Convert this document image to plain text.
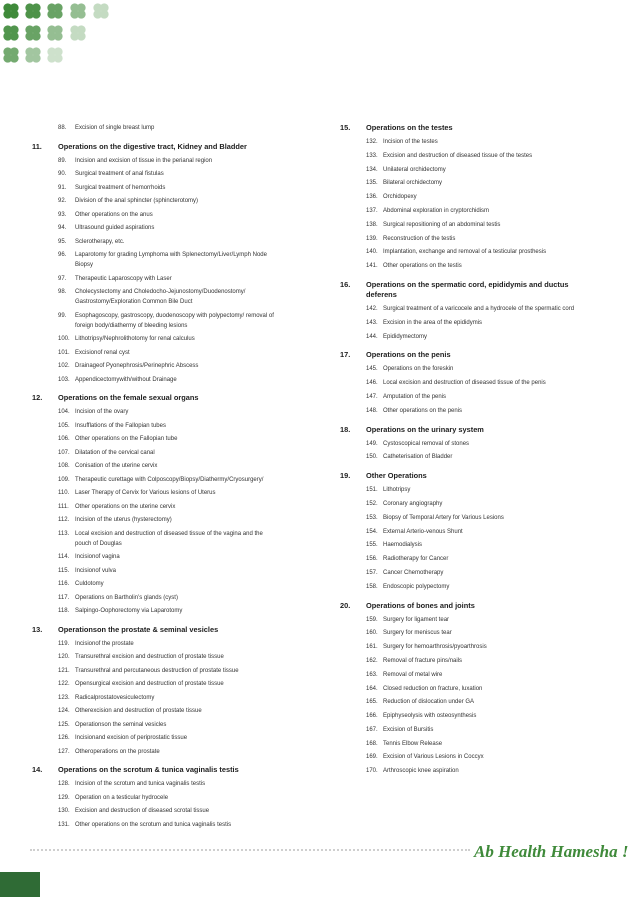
88.	Excision of single breast lump
11.	Operations on the digestive tract, Kidney and Bladder
89.	Incision and excision of tissue in the perianal region
90.	Surgical treatment of anal fistulas
91.	Surgical treatment of hemorrhoids
92.	Division of the anal sphincter (sphincterotomy)
93.	Other operations on the anus
94.	Ultrasound guided aspirations
95.	Sclerotherapy, etc.
96.	Laparotomy for grading Lymphoma with Splenectomy/Liver/Lymph Node
Biopsy
97.	Therapeutic Laparoscopy with Laser
98.	Cholecystectomy and Choledocho-Jejunostomy/Duodenostomy/
Gastrostomy/Exploration Common Bile Duct
99.	Esophagoscopy, gastroscopy, duodenoscopy with polypectomy/ removal of
foreign body/diathermy of bleeding lesions
100. Lithotripsy/Nephrolithotomy for renal calculus
101. Excisionof renal cyst
102. Drainageof Pyonephrosis/Perinephric Abscess
103. Appendicectomywith/without Drainage
12.	Operations on the female sexual organs
104. Incision of the ovary
105. Insufflations of the Fallopian tubes
106. Other operations on the Fallopian tube
107. Dilatation of the cervical canal
108. Conisation of the uterine cervix
109. Therapeutic curettage with Colposcopy/Biopsy/Diathermy/Cryosurgery/
110. Laser Therapy of Cervix for Various lesions of Uterus
111.	Other operations on the uterine cervix
112. Incision of the uterus (hysterectomy)
113. Local excision and destruction of diseased tissue of the vagina and the
pouch of Douglas
114. Incisionof vagina
115. Incisionof vulva
116. Culdotomy
117. Operations on Bartholin’s glands (cyst)
118. Salpingo-Oophorectomy via Laparotomy
13.	Operationson the prostate & seminal vesicles
119. Incisionof the prostate
120. Transurethral excision and destruction of prostate tissue
121. Transurethral and percutaneous destruction of prostate tissue
122. Opensurgical excision and destruction of prostate tissue
123. Radicalprostatovesiculectomy
124. Otherexcision and destruction of prostate tissue
125. Operationson the seminal vesicles
126. Incisionand excision of periprostatic tissue
127. Otheroperations on the prostate
14.	Operations on the scrotum & tunica vaginalis testis
128. Incision of the scrotum and tunica vaginalis testis
129. Operation on a testicular hydrocele
130. Excision and destruction of diseased scrotal tissue
131. Other operations on the scrotum and tunica vaginalis testis
15.	Operations on the testes
132. Incision of the testes
133. Excision and destruction of diseased tissue of the testes
134. Unilateral orchidectomy
135. Bilateral orchidectomy
136. Orchidopexy
137. Abdominal exploration in cryptorchidism
138. Surgical repositioning of an abdominal testis
139. Reconstruction of the testis
140. Implantation, exchange and removal of a testicular prosthesis
141. Other operations on the testis
16.	Operations on the spermatic cord, epididymis and ductus
deferens
142. Surgical treatment of a varicocele and a hydrocele of the spermatic cord
143. Excision in the area of the epididymis
144. Epididymectomy
17.	Operations on the penis
145. Operations on the foreskin
146. Local excision and destruction of diseased tissue of the penis
147. Amputation of the penis
148. Other operations on the penis
18.	Operations on the urinary system
149. Cystoscopical removal of stones
150. Catheterisation of Bladder
19.	Other Operations
151. Lithotripsy
152. Coronary angiography
153. Biopsy of Temporal Artery for Various Lesions
154. External Arterio-venous Shunt
155. Haemodialysis
156. Radiotherapy for Cancer
157. Cancer Chemotherapy
158. Endoscopic polypectomy
20.	Operations of bones and joints
159. Surgery for ligament tear
160. Surgery for meniscus tear
161. Surgery for hemoarthrosis/pyoarthrosis
162. Removal of fracture pins/nails
163. Removal of metal wire
164. Closed reduction on fracture, luxation
165. Reduction of dislocation under GA
166. Epiphyseolysis with osteosynthesis
167. Excision of Bursitis
168. Tennis Elbow Release
169. Excision of Various Lesions in Coccyx
170. Arthroscopic knee aspiration
Ab Health Hamesha !
